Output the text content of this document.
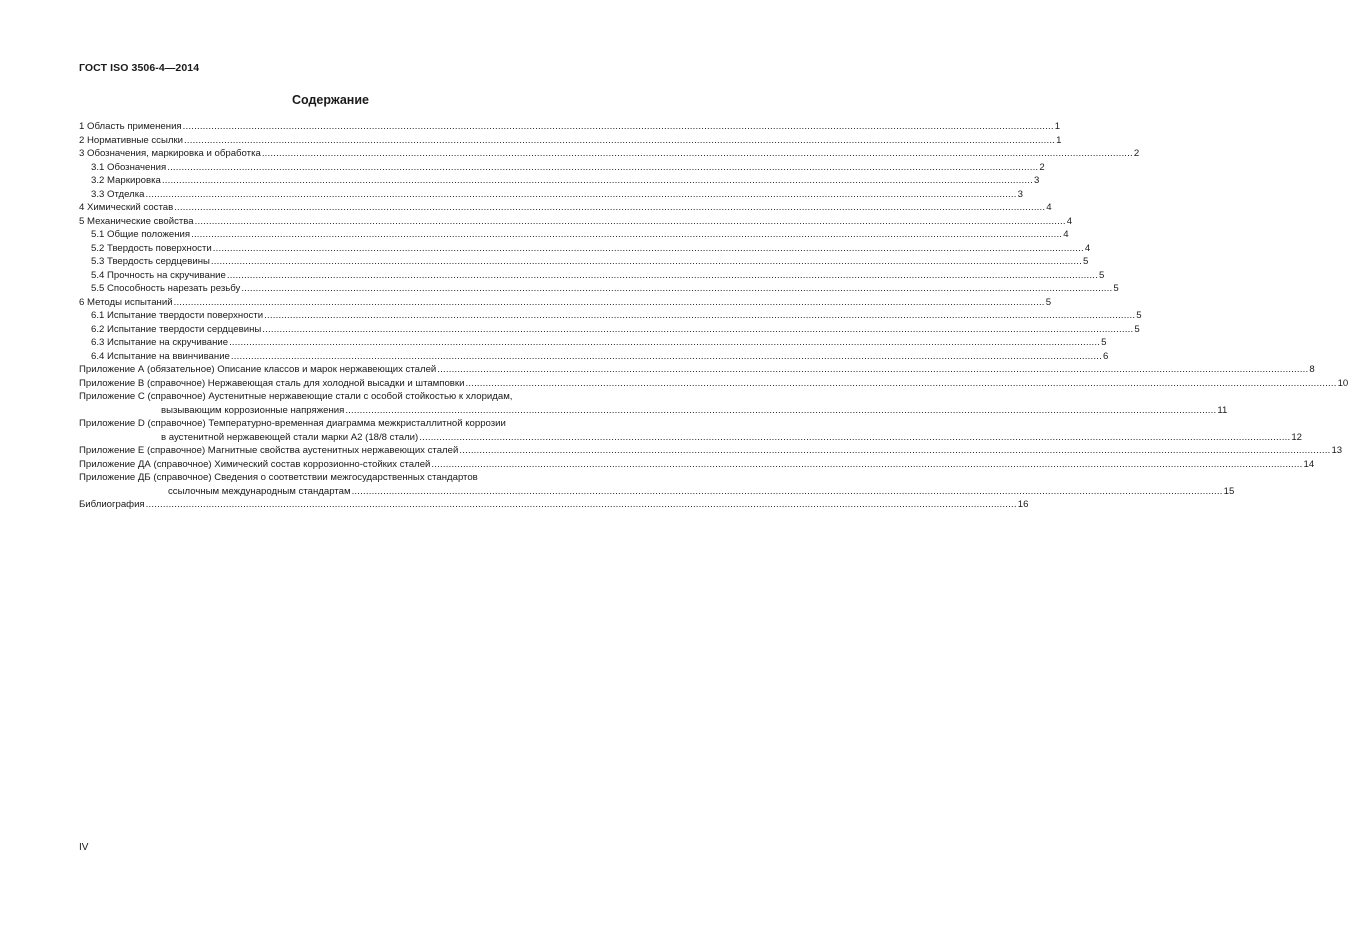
ГОСТ ISO 3506-4—2014
Содержание
1 Область применения .....	1
2 Нормативные ссылки .....	1
3 Обозначения, маркировка и обработка .....	2
3.1 Обозначения .....	2
3.2 Маркировка .....	3
3.3 Отделка .....	3
4 Химический состав .....	4
5 Механические свойства .....	4
5.1 Общие положения .....	4
5.2 Твердость поверхности .....	4
5.3 Твердость сердцевины .....	5
5.4 Прочность на скручивание .....	5
5.5 Способность нарезать резьбу .....	5
6 Методы испытаний .....	5
6.1 Испытание твердости поверхности .....	5
6.2 Испытание твердости сердцевины .....	5
6.3 Испытание на скручивание .....	5
6.4 Испытание на ввинчивание .....	6
Приложение А (обязательное) Описание классов и марок нержавеющих сталей .....	8
Приложение В (справочное) Нержавеющая сталь для холодной высадки и штамповки .....	10
Приложение С (справочное) Аустенитные нержавеющие стали с особой стойкостью к хлоридам,
вызывающим коррозионные напряжения .....	11
Приложение D (справочное) Температурно-временная диаграмма межкристаллитной коррозии
в аустенитной нержавеющей стали марки А2 (18/8 стали) .....	12
Приложение Е (справочное) Магнитные свойства аустенитных нержавеющих сталей .....	13
Приложение ДА (справочное) Химический состав коррозионно-стойких сталей .....	14
Приложение ДБ (справочное) Сведения о соответствии межгосударственных стандартов
ссылочным международным стандартам .....	15
Библиография .....	16
IV
